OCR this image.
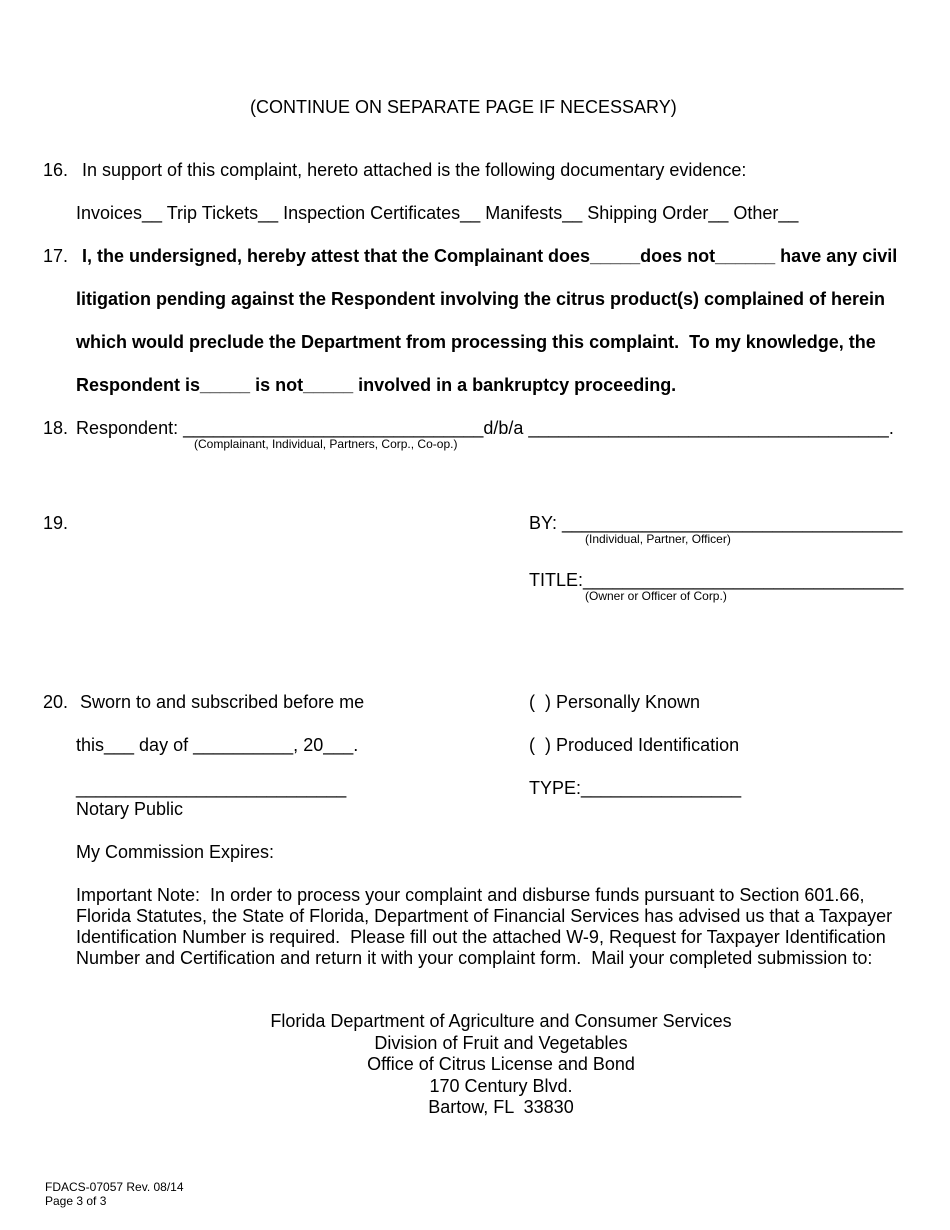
(CONTINUE ON SEPARATE PAGE IF NECESSARY)
16. In support of this complaint, hereto attached is the following documentary evidence:
Invoices__ Trip Tickets__ Inspection Certificates__ Manifests__ Shipping Order__ Other__
17. I, the undersigned, hereby attest that the Complainant does_____does not______ have any civil
litigation pending against the Respondent involving the citrus product(s) complained of herein
which would preclude the Department from processing this complaint.  To my knowledge, the
Respondent is_____ is not_____ involved in a bankruptcy proceeding.
18. Respondent: ______________________________d/b/a ____________________________________.
(Complainant, Individual, Partners, Corp., Co-op.)
19.	BY: __________________________________
(Individual, Partner, Officer)
TITLE:________________________________
(Owner or Officer of Corp.)
20. Sworn to and subscribed before me
this___ day of __________, 20___.
___________________________
Notary Public
My Commission Expires:
(  ) Personally Known
(  ) Produced Identification
TYPE:________________
Important Note:  In order to process your complaint and disburse funds pursuant to Section 601.66,
Florida Statutes, the State of Florida, Department of Financial Services has advised us that a Taxpayer
Identification Number is required.  Please fill out the attached W-9, Request for Taxpayer Identification
Number and Certification and return it with your complaint form.  Mail your completed submission to:
Florida Department of Agriculture and Consumer Services
Division of Fruit and Vegetables
Office of Citrus License and Bond
170 Century Blvd.
Bartow, FL  33830
FDACS-07057 Rev. 08/14
Page 3 of 3
